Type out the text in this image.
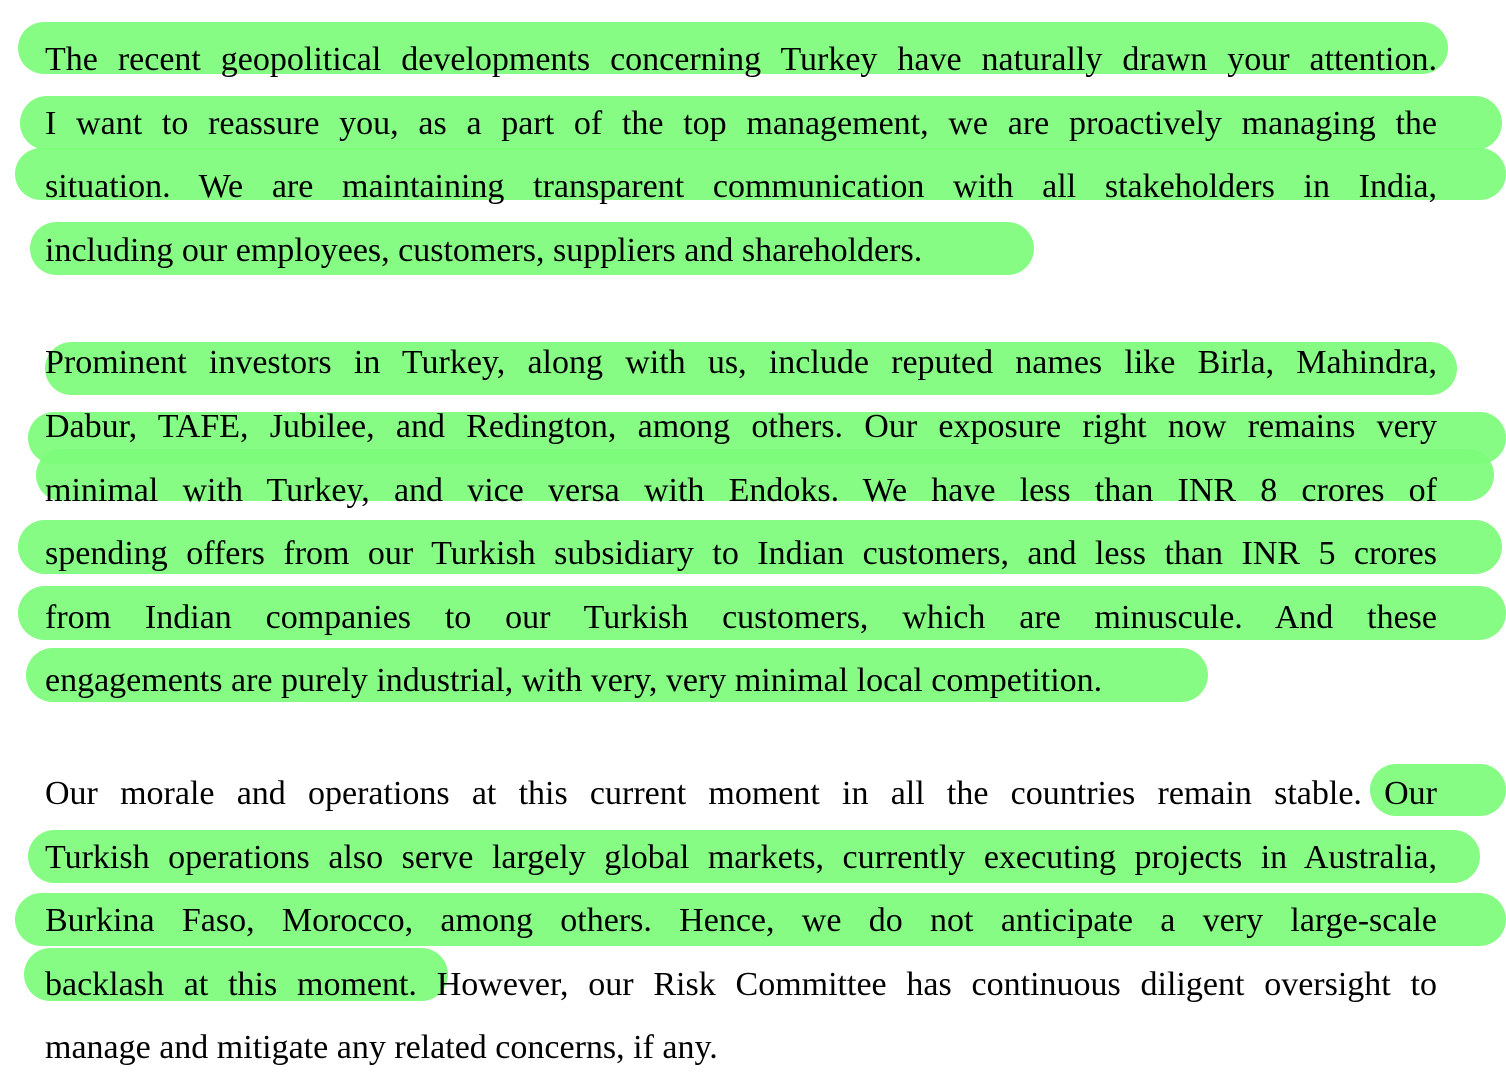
The recent geopolitical developments concerning Turkey have naturally drawn your attention.
I want to reassure you, as a part of the top management, we are proactively managing the
situation. We are maintaining transparent communication with all stakeholders in India,
including our employees, customers, suppliers and shareholders.
Prominent investors in Turkey, along with us, include reputed names like Birla, Mahindra,
Dabur, TAFE, Jubilee, and Redington, among others. Our exposure right now remains very
minimal with Turkey, and vice versa with Endoks. We have less than INR 8 crores of
spending offers from our Turkish subsidiary to Indian customers, and less than INR 5 crores
from Indian companies to our Turkish customers, which are minuscule. And these
engagements are purely industrial, with very, very minimal local competition.
Our morale and operations at this current moment in all the countries remain stable. Our
Turkish operations also serve largely global markets, currently executing projects in Australia,
Burkina Faso, Morocco, among others. Hence, we do not anticipate a very large-scale
backlash at this moment. However, our Risk Committee has continuous diligent oversight to
manage and mitigate any related concerns, if any.
